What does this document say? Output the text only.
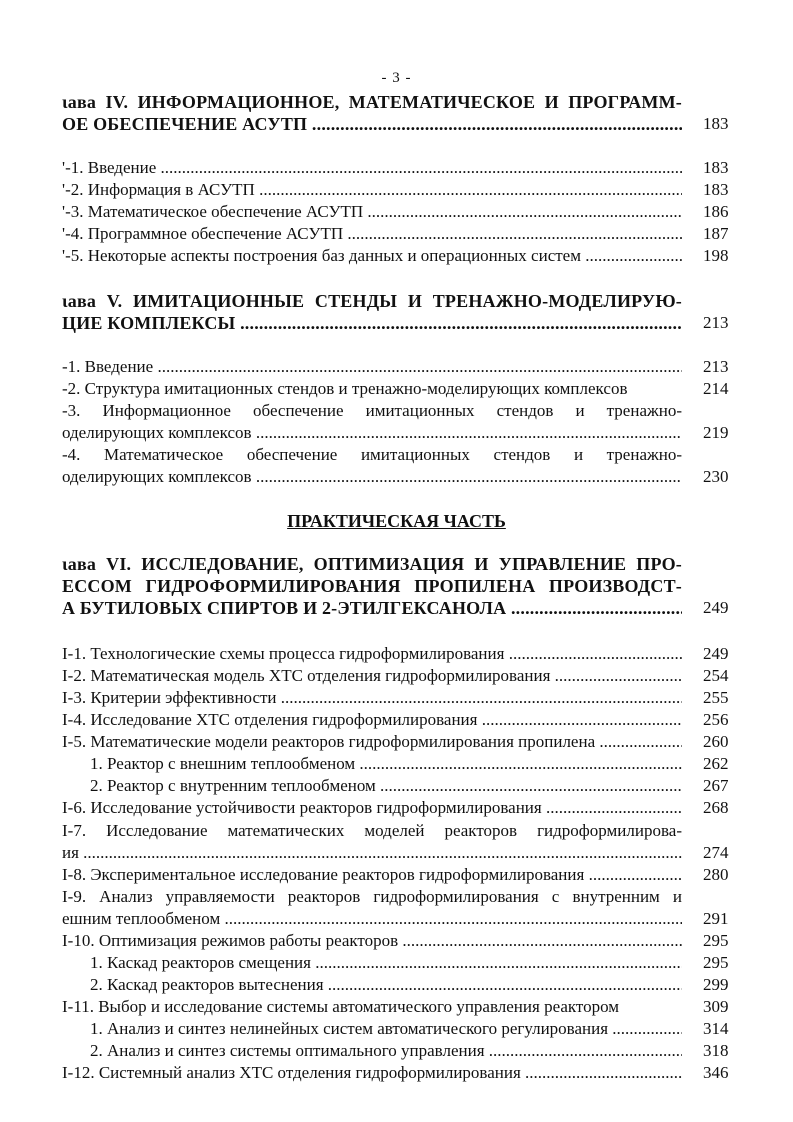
- 3 -
ιава IV. ИНФОРМАЦИОННОЕ, МАТЕМАТИЧЕСКОЕ И ПРОГРАММ-
ОЕ ОБЕСПЕЧЕНИЕ АСУТП .....	183
'-1. Введение .....	183
'-2. Информация в АСУТП .....	183
'-3. Математическое обеспечение АСУТП .....	186
'-4. Программное обеспечение АСУТП .....	187
'-5. Некоторые аспекты построения баз данных и операционных систем .....	198
ιава V. ИМИТАЦИОННЫЕ СТЕНДЫ И ТРЕНАЖНО-МОДЕЛИРУЮ-
ЦИЕ КОМПЛЕКСЫ .....	213
-1. Введение .....	213
-2. Структура имитационных стендов и тренажно-моделирующих комплексов	214
-3. Информационное обеспечение имитационных стендов и тренажно-
оделирующих комплексов .....	219
-4. Математическое обеспечение имитационных стендов и тренажно-
оделирующих комплексов .....	230
ПРАКТИЧЕСКАЯ ЧАСТЬ
ιава VI. ИССЛЕДОВАНИЕ, ОПТИМИЗАЦИЯ И УПРАВЛЕНИЕ ПРО-
ЕССОМ ГИДРОФОРМИЛИРОВАНИЯ ПРОПИЛЕНА ПРОИЗВОДСТ-
А БУТИЛОВЫХ СПИРТОВ И 2-ЭТИЛГЕКСАНОЛА .....	249
I-1. Технологические схемы процесса гидроформилирования .....	249
I-2. Математическая модель ХТС отделения гидроформилирования .....	254
I-3. Критерии эффективности .....	255
I-4. Исследование ХТС отделения гидроформилирования .....	256
I-5. Математические модели реакторов гидроформилирования пропилена .....	260
1. Реактор с внешним теплообменом .....	262
2. Реактор с внутренним теплообменом .....	267
I-6. Исследование устойчивости реакторов гидроформилирования .....	268
I-7. Исследование математических моделей реакторов гидроформилирова-
ия .....	274
I-8. Экспериментальное исследование реакторов гидроформилирования .....	280
I-9. Анализ управляемости реакторов гидроформилирования с внутренним и
ешним теплообменом .....	291
I-10. Оптимизация режимов работы реакторов .....	295
1. Каскад реакторов смещения .....	295
2. Каскад реакторов вытеснения .....	299
I-11. Выбор и исследование системы автоматического управления реактором	309
1. Анализ и синтез нелинейных систем автоматического регулирования .....	314
2. Анализ и синтез системы оптимального управления .....	318
I-12. Системный анализ ХТС отделения гидроформилирования .....	346
